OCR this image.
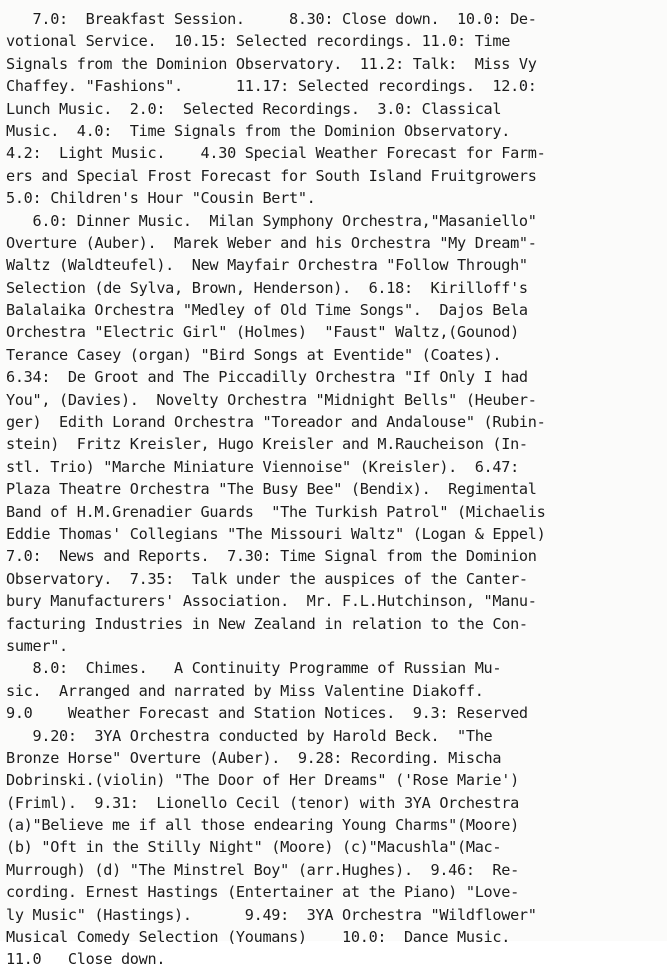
7.0:  Breakfast Session.     8.30: Close down.  10.0: De-
votional Service.  10.15: Selected recordings. 11.0: Time
Signals from the Dominion Observatory.  11.2: Talk:  Miss Vy
Chaffey. "Fashions".      11.17: Selected recordings.  12.0:
Lunch Music.  2.0:  Selected Recordings.  3.0: Classical
Music.  4.0:  Time Signals from the Dominion Observatory.
4.2:  Light Music.    4.30 Special Weather Forecast for Farm-
ers and Special Frost Forecast for South Island Fruitgrowers
5.0: Children's Hour "Cousin Bert".
6.0: Dinner Music.  Milan Symphony Orchestra,"Masaniello"
Overture (Auber).  Marek Weber and his Orchestra "My Dream"-
Waltz (Waldteufel).  New Mayfair Orchestra "Follow Through"
Selection (de Sylva, Brown, Henderson).  6.18:  Kirilloff's
Balalaika Orchestra "Medley of Old Time Songs".  Dajos Bela
Orchestra "Electric Girl" (Holmes)  "Faust" Waltz,(Gounod)
Terance Casey (organ) "Bird Songs at Eventide" (Coates).
6.34:  De Groot and The Piccadilly Orchestra "If Only I had
You", (Davies).  Novelty Orchestra "Midnight Bells" (Heuber-
ger)  Edith Lorand Orchestra "Toreador and Andalouse" (Rubin-
stein)  Fritz Kreisler, Hugo Kreisler and M.Raucheison (In-
stl. Trio) "Marche Miniature Viennoise" (Kreisler).  6.47:
Plaza Theatre Orchestra "The Busy Bee" (Bendix).  Regimental
Band of H.M.Grenadier Guards  "The Turkish Patrol" (Michaelis
Eddie Thomas' Collegians "The Missouri Waltz" (Logan & Eppel)
7.0:  News and Reports.  7.30: Time Signal from the Dominion
Observatory.  7.35:  Talk under the auspices of the Canter-
bury Manufacturers' Association.  Mr. F.L.Hutchinson, "Manu-
facturing Industries in New Zealand in relation to the Con-
sumer".
8.0:  Chimes.   A Continuity Programme of Russian Mu-
sic.  Arranged and narrated by Miss Valentine Diakoff.
9.0    Weather Forecast and Station Notices.  9.3: Reserved
9.20:  3YA Orchestra conducted by Harold Beck.  "The
Bronze Horse" Overture (Auber).  9.28: Recording. Mischa
Dobrinski.(violin) "The Door of Her Dreams" ('Rose Marie')
(Friml).  9.31:  Lionello Cecil (tenor) with 3YA Orchestra
(a)"Believe me if all those endearing Young Charms"(Moore)
(b) "Oft in the Stilly Night" (Moore) (c)"Macushla"(Mac-
Murrough) (d) "The Minstrel Boy" (arr.Hughes).  9.46:  Re-
cording. Ernest Hastings (Entertainer at the Piano) "Love-
ly Music" (Hastings).      9.49:  3YA Orchestra "Wildflower"
Musical Comedy Selection (Youmans)    10.0:  Dance Music.
11.0   Close down.
